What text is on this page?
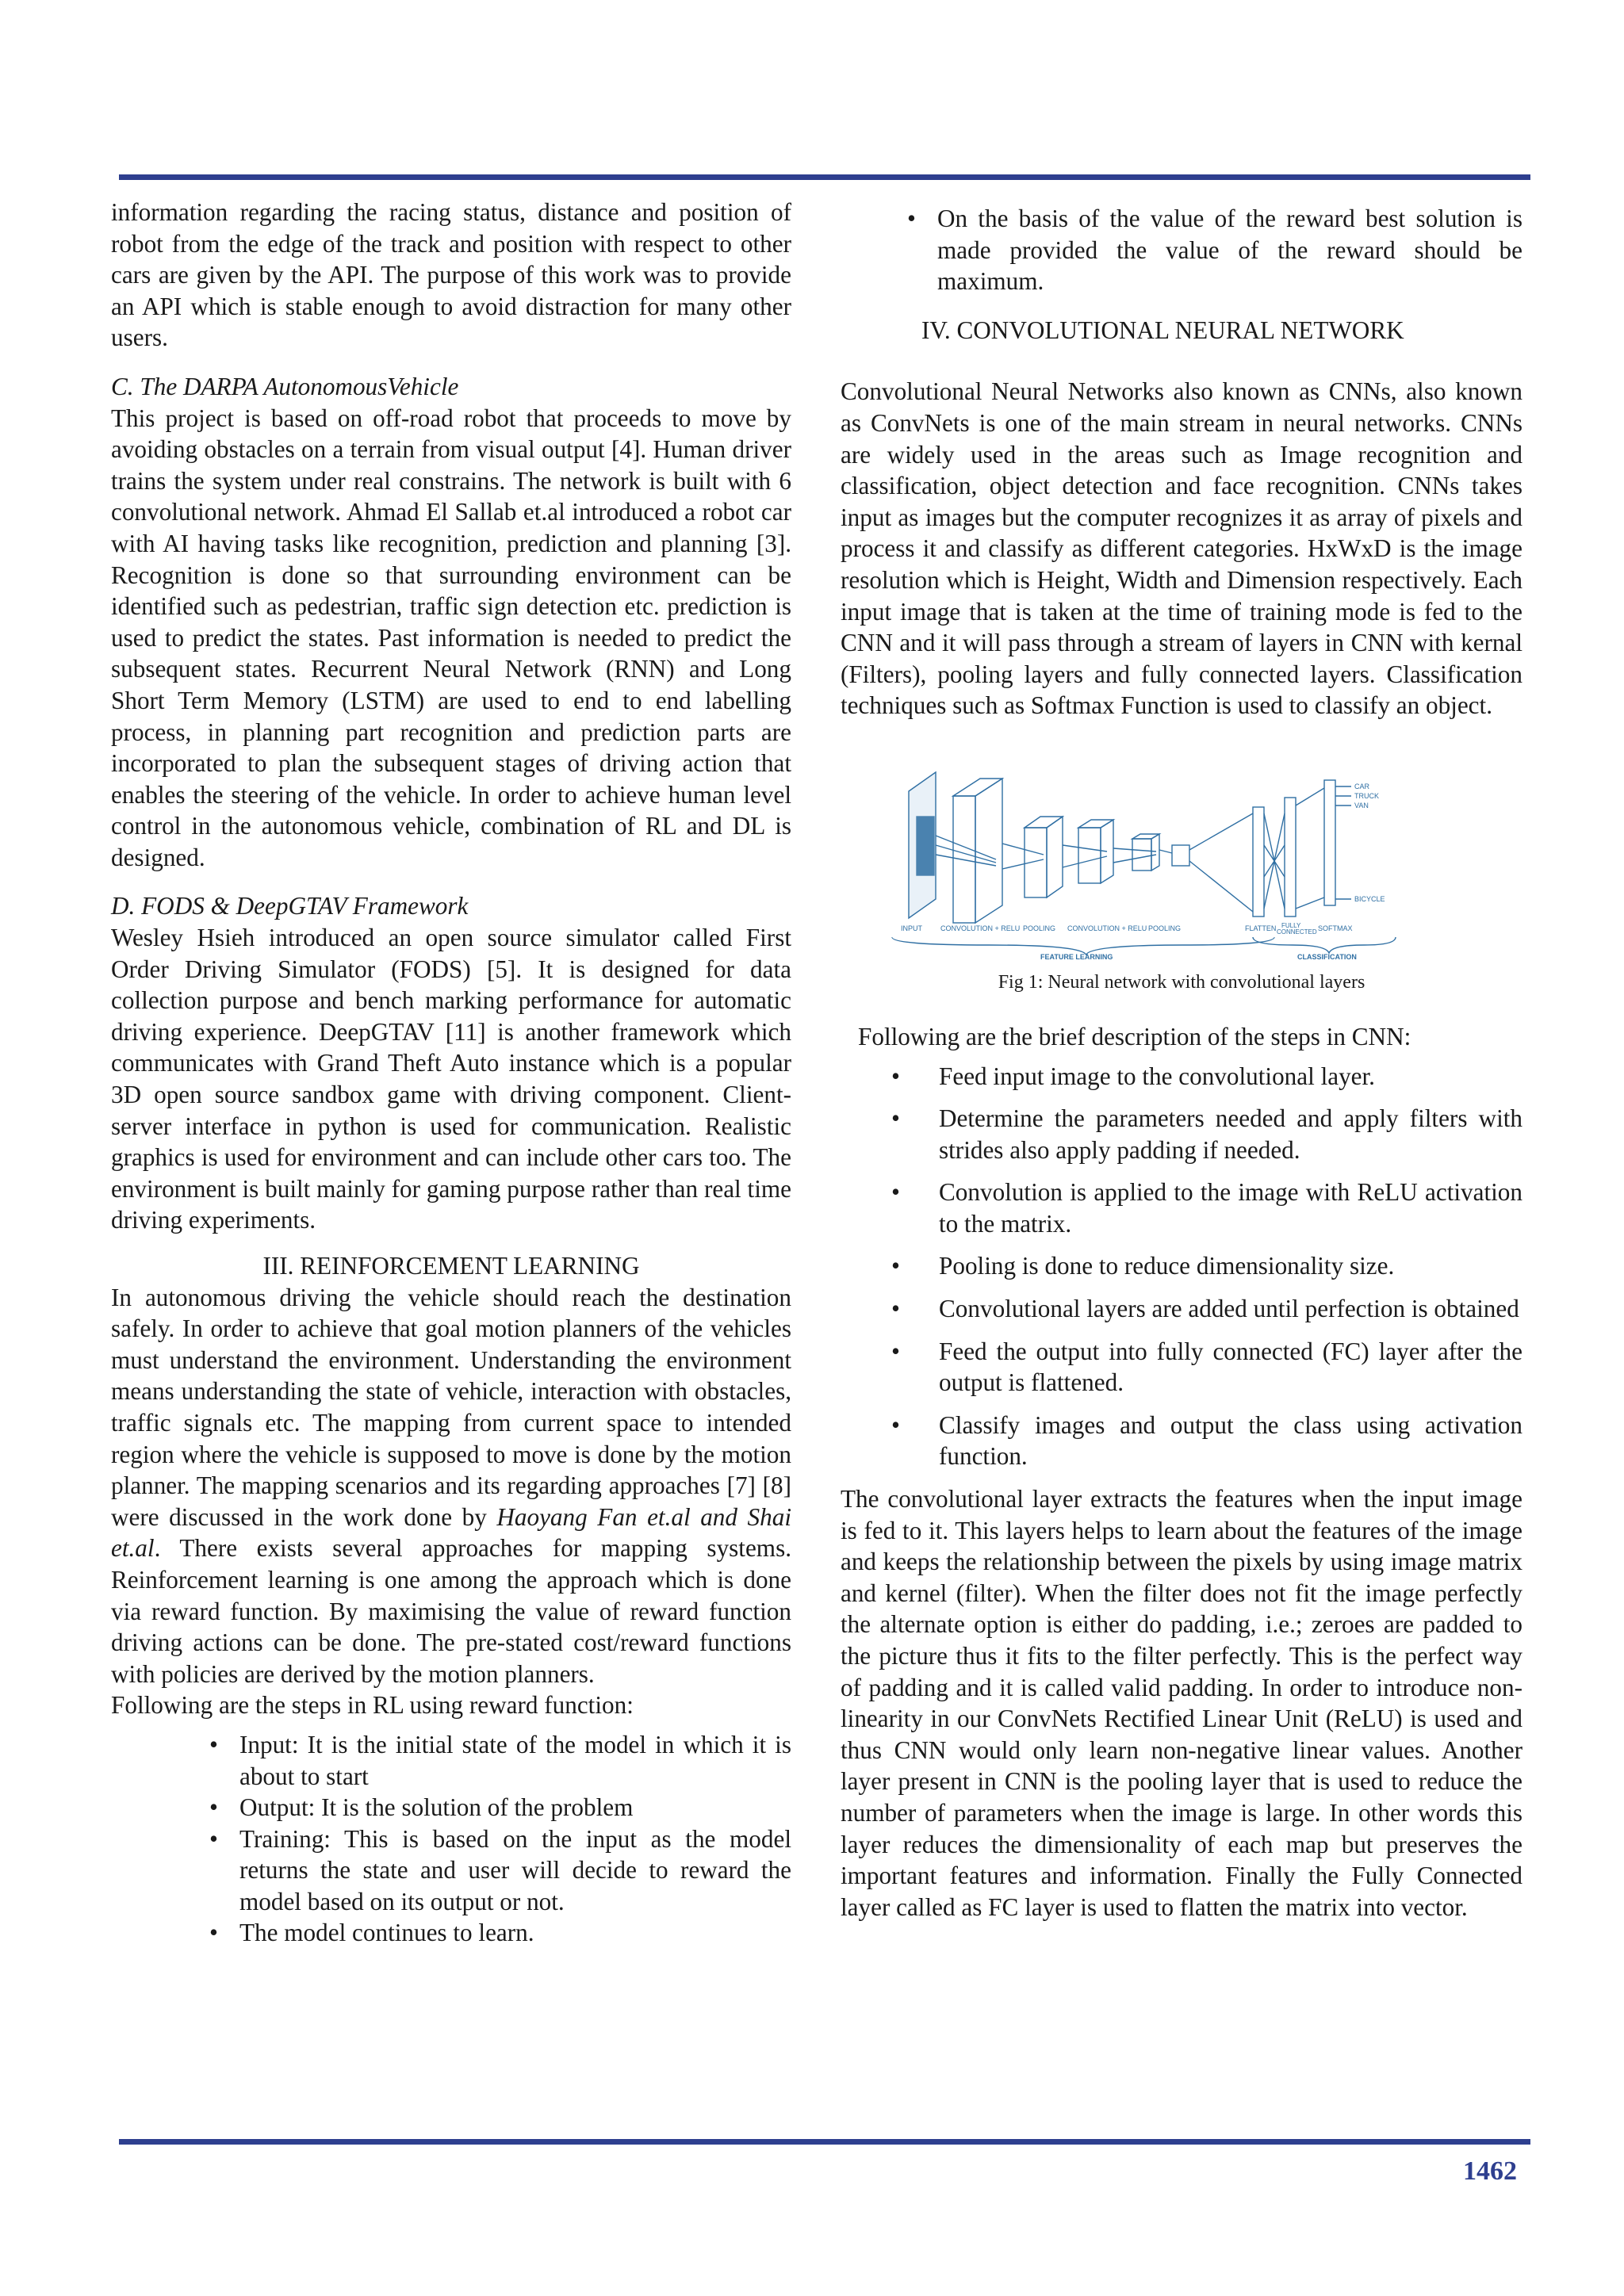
information regarding the racing status, distance and position of robot from the edge of the track and position with respect to other cars are given by the API. The purpose of this work was to provide an API which is stable enough to avoid distraction for many other users.

C. The DARPA AutonomousVehicle

This project is based on off-road robot that proceeds to move by avoiding obstacles on a terrain from visual output [4]. Human driver trains the system under real constrains. The network is built with 6 convolutional network. Ahmad El Sallab et.al introduced a robot car with AI having tasks like recognition, prediction and planning [3]. Recognition is done so that surrounding environment can be identified such as pedestrian, traffic sign detection etc. prediction is used to predict the states. Past information is needed to predict the subsequent states. Recurrent Neural Network (RNN) and Long Short Term Memory (LSTM) are used to end to end labelling process, in planning part recognition and prediction parts are incorporated to plan the subsequent stages of driving action that enables the steering of the vehicle. In order to achieve human level control in the autonomous vehicle, combination of RL and DL is designed.

D. FODS & DeepGTAV Framework

Wesley Hsieh introduced an open source simulator called First Order Driving Simulator (FODS) [5]. It is designed for data collection purpose and bench marking performance for automatic driving experience. DeepGTAV [11] is another framework which communicates with Grand Theft Auto instance which is a popular 3D open source sandbox game with driving component. Client-server interface in python is used for communication. Realistic graphics is used for environment and can include other cars too. The environment is built mainly for gaming purpose rather than real time driving experiments.

III. REINFORCEMENT LEARNING

In autonomous driving the vehicle should reach the destination safely. In order to achieve that goal motion planners of the vehicles must understand the environment. Understanding the environment means understanding the state of vehicle, interaction with obstacles, traffic signals etc. The mapping from current space to intended region where the vehicle is supposed to move is done by the motion planner. The mapping scenarios and its regarding approaches [7] [8] were discussed in the work done by Haoyang Fan et.al and Shai et.al. There exists several approaches for mapping systems. Reinforcement learning is one among the approach which is done via reward function. By maximising the value of reward function driving actions can be done. The pre-stated cost/reward functions with policies are derived by the motion planners.

Following are the steps in RL using reward function:

• Input: It is the initial state of the model in which it is about to start
• Output: It is the solution of the problem
• Training: This is based on the input as the model returns the state and user will decide to reward the model based on its output or not.
• The model continues to learn.
• On the basis of the value of the reward best solution is made provided the value of the reward should be maximum.

IV. CONVOLUTIONAL NEURAL NETWORK

Convolutional Neural Networks also known as CNNs, also known as ConvNets is one of the main stream in neural networks. CNNs are widely used in the areas such as Image recognition and classification, object detection and face recognition. CNNs takes input as images but the computer recognizes it as array of pixels and process it and classify as different categories. HxWxD is the image resolution which is Height, Width and Dimension respectively. Each input image that is taken at the time of training mode is fed to the CNN and it will pass through a stream of layers in CNN with kernal (Filters), pooling layers and fully connected layers. Classification techniques such as Softmax Function is used to classify an object.

INPUT	CONVOLUTION + RELU POOLING CONVOLUTION + RELU POOLING	FLATTEN FULLY
CONNECTED SOFTMAX
FEATURE LEARNING	CLASSIFICATION
CAR
TRUCK
VAN
BICYCLE

Fig 1: Neural network with convolutional layers

Following are the brief description of the steps in CNN:

• Feed input image to the convolutional layer.
• Determine the parameters needed and apply filters with strides also apply padding if needed.
• Convolution is applied to the image with ReLU activation to the matrix.
• Pooling is done to reduce dimensionality size.
• Convolutional layers are added until perfection is obtained
• Feed the output into fully connected (FC) layer after the output is flattened.
• Classify images and output the class using activation function.

The convolutional layer extracts the features when the input image is fed to it. This layers helps to learn about the features of the image and keeps the relationship between the pixels by using image matrix and kernel (filter). When the filter does not fit the image perfectly the alternate option is either do padding, i.e.; zeroes are padded to the picture thus it fits to the filter perfectly. This is the perfect way of padding and it is called valid padding. In order to introduce non-linearity in our ConvNets Rectified Linear Unit (ReLU) is used and thus CNN would only learn non-negative linear values. Another layer present in CNN is the pooling layer that is used to reduce the number of parameters when the image is large. In other words this layer reduces the dimensionality of each map but preserves the important features and information. Finally the Fully Connected layer called as FC layer is used to flatten the matrix into vector.

1462
